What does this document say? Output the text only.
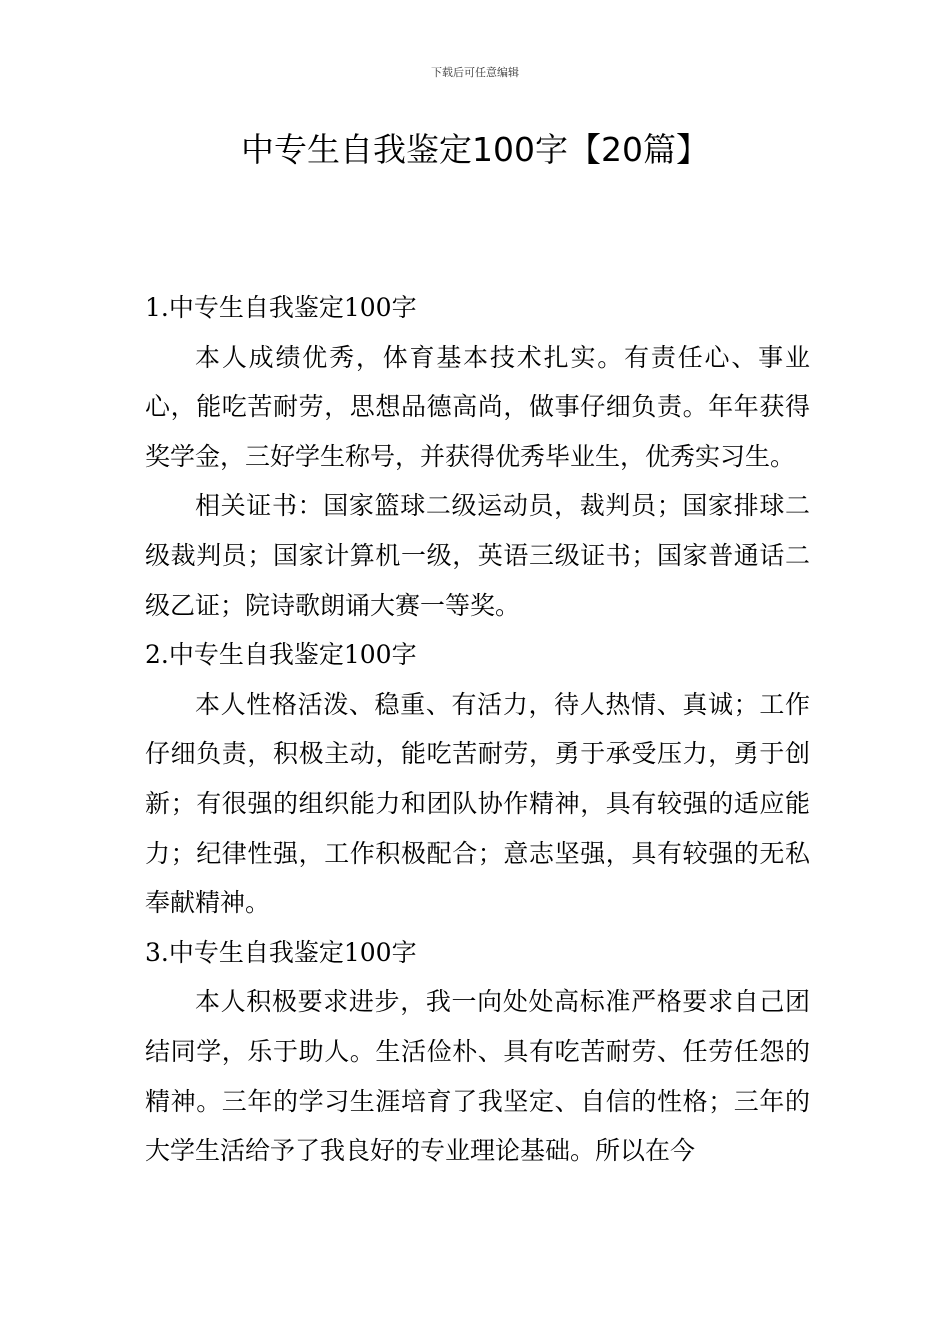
下载后可任意编辑
中专生自我鉴定100字【20篇】

1.中专生自我鉴定100字

本人成绩优秀，体育基本技术扎实。有责任心、事业心，能吃苦耐劳，思想品德高尚，做事仔细负责。年年获得奖学金，三好学生称号，并获得优秀毕业生，优秀实习生。

相关证书：国家篮球二级运动员，裁判员；国家排球二级裁判员；国家计算机一级，英语三级证书；国家普通话二级乙证；院诗歌朗诵大赛一等奖。

2.中专生自我鉴定100字

本人性格活泼、稳重、有活力，待人热情、真诚；工作仔细负责，积极主动，能吃苦耐劳，勇于承受压力，勇于创新；有很强的组织能力和团队协作精神，具有较强的适应能力；纪律性强，工作积极配合；意志坚强，具有较强的无私奉献精神。

3.中专生自我鉴定100字

本人积极要求进步，我一向处处高标准严格要求自己团结同学，乐于助人。生活俭朴、具有吃苦耐劳、任劳任怨的精神。三年的学习生涯培育了我坚定、自信的性格；三年的大学生活给予了我良好的专业理论基础。所以在今
